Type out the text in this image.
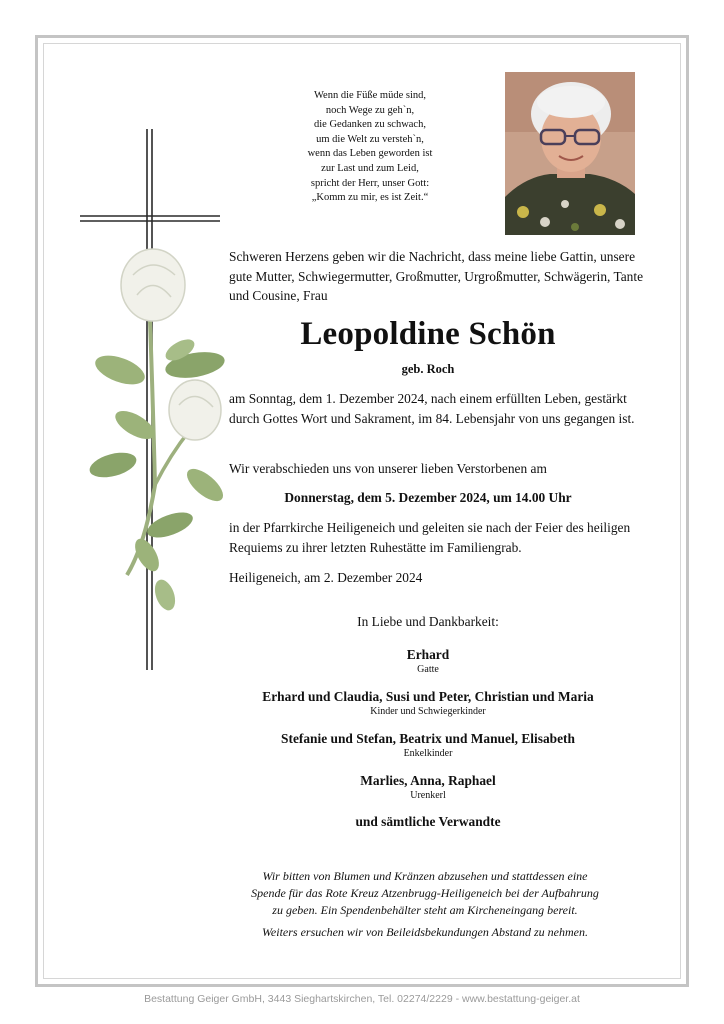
Wenn die Füße müde sind,
noch Wege zu geh`n,
die Gedanken zu schwach,
um die Welt zu versteh`n,
wenn das Leben geworden ist
zur Last und zum Leid,
spricht der Herr, unser Gott:
„Komm zu mir, es ist Zeit.“
Schweren Herzens geben wir die Nachricht, dass meine liebe Gattin, unsere gute Mutter, Schwiegermutter, Großmutter, Urgroßmutter, Schwägerin, Tante und Cousine, Frau
Leopoldine Schön
geb. Roch
am Sonntag, dem 1. Dezember 2024, nach einem erfüllten Leben, gestärkt durch Gottes Wort und Sakrament, im 84. Lebensjahr von uns gegangen ist.
Wir verabschieden uns von unserer lieben Verstorbenen am
Donnerstag, dem 5. Dezember 2024, um 14.00 Uhr
in der Pfarrkirche Heiligeneich und geleiten sie nach der Feier des heiligen Requiems zu ihrer letzten Ruhestätte im Familiengrab.
Heiligeneich, am 2. Dezember 2024
In Liebe und Dankbarkeit:
Erhard
Gatte
Erhard und Claudia, Susi und Peter, Christian und Maria
Kinder und Schwiegerkinder
Stefanie und Stefan, Beatrix und Manuel, Elisabeth
Enkelkinder
Marlies, Anna, Raphael
Urenkerl
und sämtliche Verwandte
Wir bitten von Blumen und Kränzen abzusehen und stattdessen eine
Spende für das Rote Kreuz Atzenbrugg-Heiligeneich bei der Aufbahrung
zu geben. Ein Spendenbehälter steht am Kircheneingang bereit.
Weiters ersuchen wir von Beileidsbekundungen Abstand zu nehmen.
Bestattung Geiger GmbH, 3443 Sieghartskirchen, Tel. 02274/2229 - www.bestattung-geiger.at
